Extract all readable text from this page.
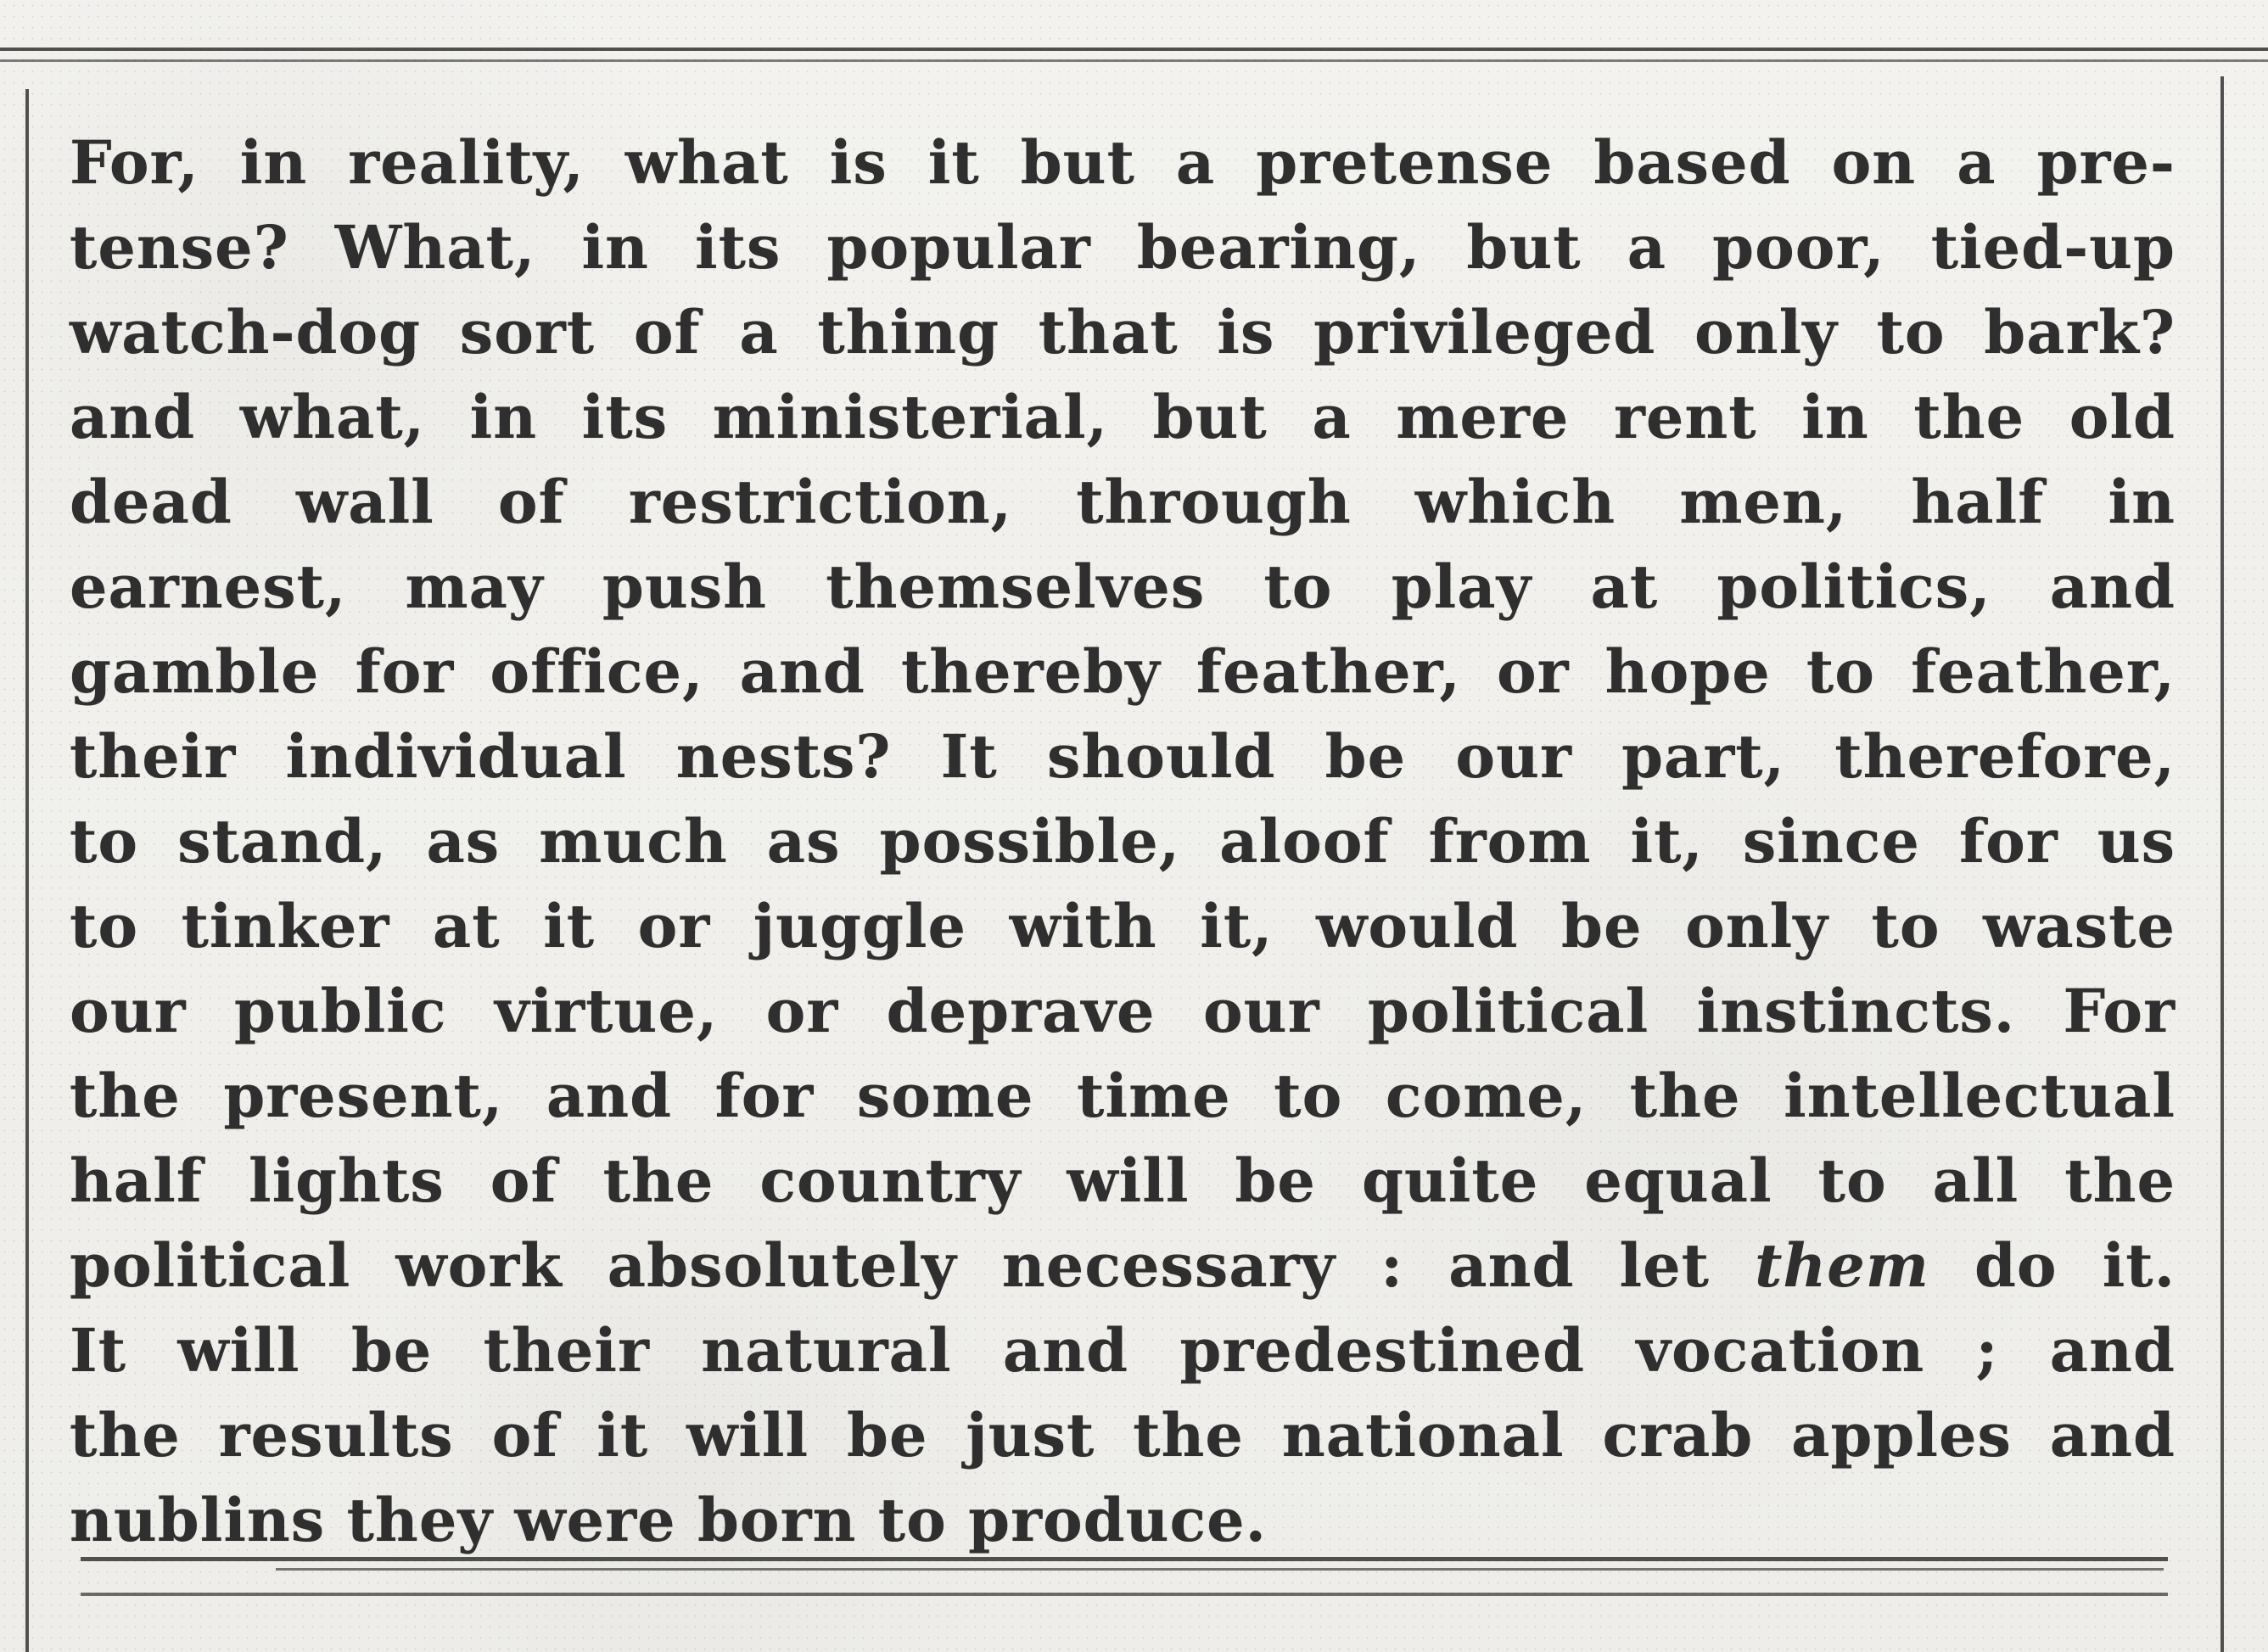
For, in reality, what is it but a pretense based on a pre-
tense? What, in its popular bearing, but a poor, tied-up
watch-dog sort of a thing that is privileged only to bark?
and what, in its ministerial, but a mere rent in the old
dead wall of restriction, through which men, half in
earnest, may push themselves to play at politics, and
gamble for office, and thereby feather, or hope to feather,
their individual nests? It should be our part, therefore,
to stand, as much as possible, aloof from it, since for us
to tinker at it or juggle with it, would be only to waste
our public virtue, or deprave our political instincts. For
the present, and for some time to come, the intellectual
half lights of the country will be quite equal to all the
political work absolutely necessary : and let them do it.
It will be their natural and predestined vocation ; and
the results of it will be just the national crab apples and
nublins they were born to produce.
